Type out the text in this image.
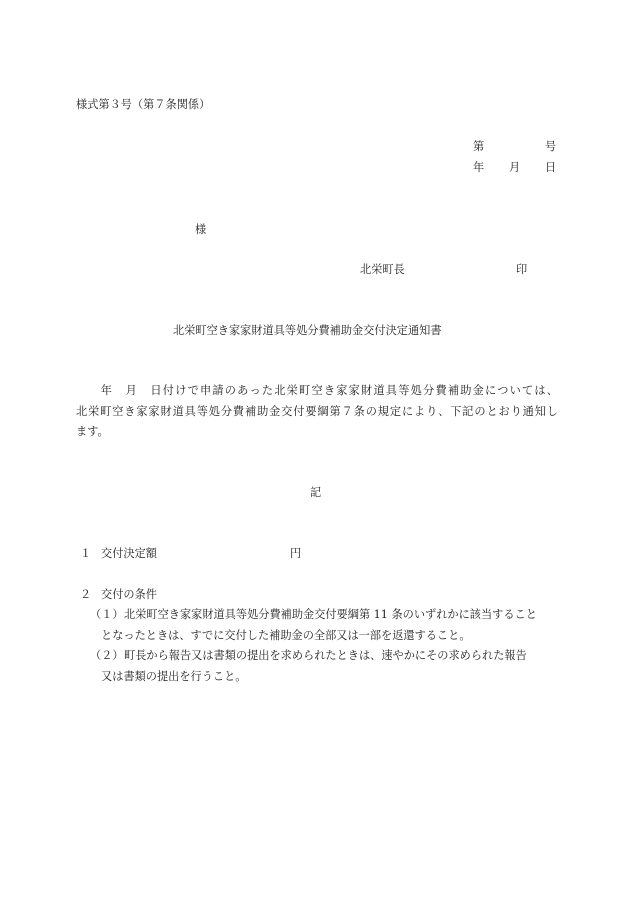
様式第３号（第７条関係）
第	号
年 月 日
様
北栄町長	印
北栄町空き家家財道具等処分費補助金交付決定通知書
　　年　月　日付けで申請のあった北栄町空き家家財道具等処分費補助金については、
北栄町空き家家財道具等処分費補助金交付要綱第７条の規定により、下記のとおり通知し
ます。
記
１ 交付決定額	円
２ 交付の条件
（１） 北栄町空き家家財道具等処分費補助金交付要綱第 11 条のいずれかに該当すること
となったときは、すでに交付した補助金の全部又は一部を返還すること。
（２） 町長から報告又は書類の提出を求められたときは、速やかにその求められた報告
又は書類の提出を行うこと。
